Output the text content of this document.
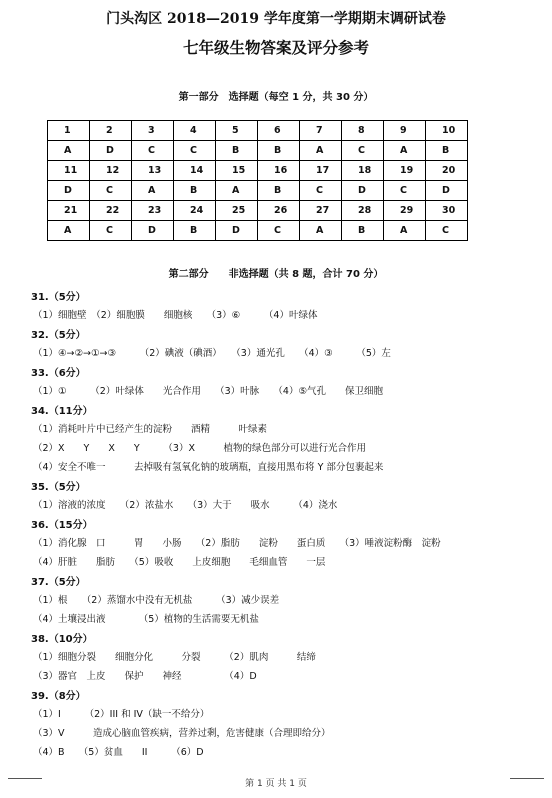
门头沟区 2018—2019 学年度第一学期期末调研试卷
七年级生物答案及评分参考
第一部分　选择题（每空 1 分，共 30 分）
1	2	3	4	5	6	7	8	9	10
A	D	C	C	B	B	A	C	A	B
11	12	13	14	15	16	17	18	19	20
D	C	A	B	A	B	C	D	C	D
21	22	23	24	25	26	27	28	29	30
A	C	D	B	D	C	A	B	A	C
第二部分　　非选择题（共 8 题，合计 70 分）
31.（5分）
（1）细胞壁　（2）细胞膜　　细胞核　　（3）⑥　　　（4）叶绿体
32.（5分）
（1）④→②→①→③　　　（2）碘液（碘酒）　　（3）通光孔　　（4）③　　　（5）左
33.（6分）
（1）①　　　（2）叶绿体　　光合作用　　（3）叶脉　　（4）⑤气孔　　保卫细胞
34.（11分）
（1）消耗叶片中已经产生的淀粉　　酒精　　　叶绿素
（2）X　　Y　　X　　Y　　　（3）X　　　植物的绿色部分可以进行光合作用
（4）安全不唯一　　　去掉吸有氢氧化钠的玻璃瓶，直接用黑布将 Y 部分包裹起来
35.（5分）
（1）溶液的浓度　　（2）浓盐水　　（3）大于　　吸水　　　（4）浇水
36.（15分）
（1）消化腺　口　　　胃　　小肠　　（2）脂肪　　淀粉　　蛋白质　　（3）唾液淀粉酶　淀粉
（4）肝脏　　脂肪　　（5）吸收　　上皮细胞　　毛细血管　　一层
37.（5分）
（1）根　　（2）蒸馏水中没有无机盐　　　（3）减少误差
（4）土壤浸出液　　　　（5）植物的生活需要无机盐
38.（10分）
（1）细胞分裂　　细胞分化　　　分裂　　　（2）肌肉　　　结缔
（3）器官　上皮　　保护　　神经　　　　　（4）D
39.（8分）
（1）I　　　（2）III 和 IV（缺一不给分）
（3）V　　　造成心脑血管疾病，营养过剩，危害健康（合理即给分）
（4）B　　（5）贫血　　II　　　（6）D
第 1 页 共 1 页
